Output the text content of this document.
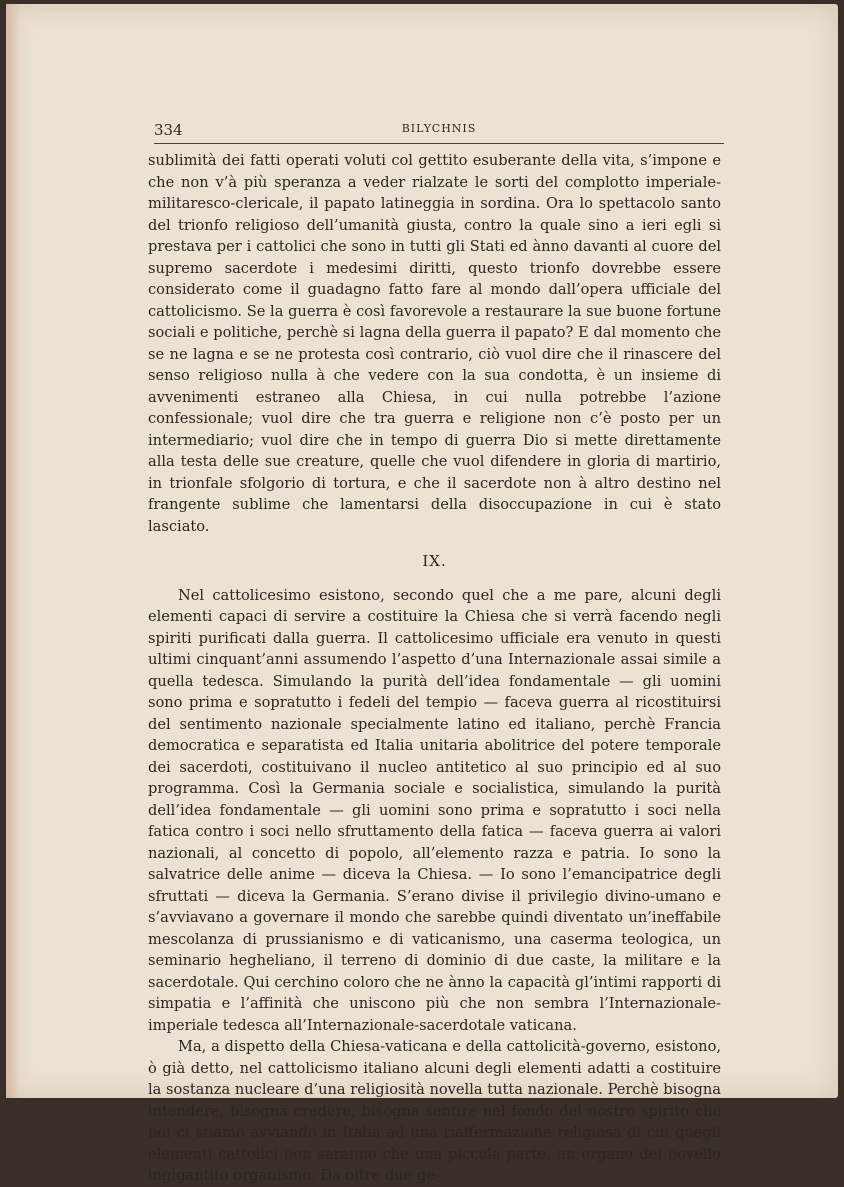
334	BILYCHNIS

sublimità dei fatti operati voluti col gettito esuberante della vita, s’impone e che non v’à più speranza a veder rialzate le sorti del complotto imperiale-militaresco-clericale, il papato latineggia in sordina. Ora lo spettacolo santo del trionfo religioso dell’umanità giusta, contro la quale sino a ieri egli si prestava per i cattolici che sono in tutti gli Stati ed ànno davanti al cuore del supremo sacerdote i medesimi diritti, questo trionfo dovrebbe essere considerato come il guadagno fatto fare al mondo dall’opera ufficiale del cattolicismo. Se la guerra è così favorevole a restaurare la sue buone fortune sociali e politiche, perchè si lagna della guerra il papato? E dal momento che se ne lagna e se ne protesta così contrario, ciò vuol dire che il rinascere del senso religioso nulla à che vedere con la sua condotta, è un insieme di avvenimenti estraneo alla Chiesa, in cui nulla potrebbe l’azione confessionale; vuol dire che tra guerra e religione non c’è posto per un intermediario; vuol dire che in tempo di guerra Dio si mette direttamente alla testa delle sue creature, quelle che vuol difendere in gloria di martirio, in trionfale sfolgorio di tortura, e che il sacerdote non à altro destino nel frangente sublime che lamentarsi della disoccupazione in cui è stato lasciato.

IX.

Nel cattolicesimo esistono, secondo quel che a me pare, alcuni degli elementi capaci di servire a costituire la Chiesa che si verrà facendo negli spiriti purificati dalla guerra. Il cattolicesimo ufficiale era venuto in questi ultimi cinquant’anni assumendo l’aspetto d’una Internazionale assai simile a quella tedesca. Simulando la purità dell’idea fondamentale — gli uomini sono prima e sopratutto i fedeli del tempio — faceva guerra al ricostituirsi del sentimento nazionale specialmente latino ed italiano, perchè Francia democratica e separatista ed Italia unitaria abolitrice del potere temporale dei sacerdoti, costituivano il nucleo antitetico al suo principio ed al suo programma. Così la Germania sociale e socialistica, simulando la purità dell’idea fondamentale — gli uomini sono prima e sopratutto i soci nella fatica contro i soci nello sfruttamento della fatica — faceva guerra ai valori nazionali, al concetto di popolo, all’elemento razza e patria. Io sono la salvatrice delle anime — diceva la Chiesa. — Io sono l’emancipatrice degli sfruttati — diceva la Germania. S’erano divise il privilegio divino-umano e s’avviavano a governare il mondo che sarebbe quindi diventato un’ineffabile mescolanza di prussianismo e di vaticanismo, una caserma teologica, un seminario hegheliano, il terreno di dominio di due caste, la militare e la sacerdotale. Qui cerchino coloro che ne ànno la capacità gl’intimi rapporti di simpatia e l’affinità che uniscono più che non sembra l’Internazionale-imperiale tedesca all’Internazionale-sacerdotale vaticana.

Ma, a dispetto della Chiesa-vaticana e della cattolicità-governo, esistono, ò già detto, nel cattolicismo italiano alcuni degli elementi adatti a costituire la sostanza nucleare d’una religiosità novella tutta nazionale. Perchè bisogna intendere, bisogna credere, bisogna sentire nel fondo del nostro spirito che noi ci stiamo avviando in Italia ad una riaffermazione religiosa di cui quegli elementi cattolici non saranno che una piccola parte, un organo del novello ingigantito organismo. Da oltre due ge-
